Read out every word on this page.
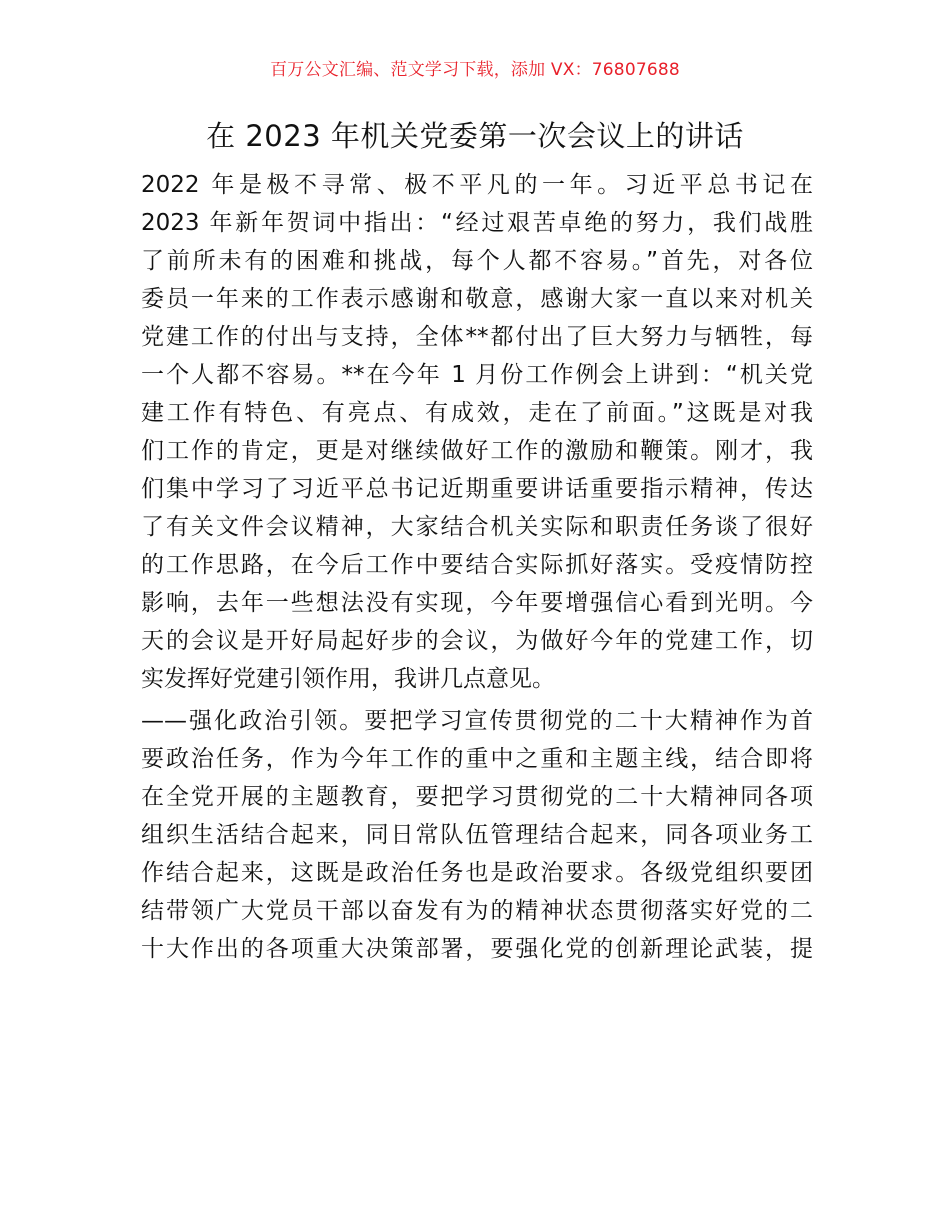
百万公文汇编、范文学习下载，添加 VX：76807688
在 2023 年机关党委第一次会议上的讲话
2022 年是极不寻常、极不平凡的一年。习近平总书记在
2023 年新年贺词中指出：“经过艰苦卓绝的努力，我们战胜
了前所未有的困难和挑战，每个人都不容易。”首先，对各位
委员一年来的工作表示感谢和敬意，感谢大家一直以来对机关
党建工作的付出与支持，全体**都付出了巨大努力与牺牲，每
一个人都不容易。**在今年 1 月份工作例会上讲到：“机关党
建工作有特色、有亮点、有成效，走在了前面。”这既是对我
们工作的肯定，更是对继续做好工作的激励和鞭策。刚才，我
们集中学习了习近平总书记近期重要讲话重要指示精神，传达
了有关文件会议精神，大家结合机关实际和职责任务谈了很好
的工作思路，在今后工作中要结合实际抓好落实。受疫情防控
影响，去年一些想法没有实现，今年要增强信心看到光明。今
天的会议是开好局起好步的会议，为做好今年的党建工作，切
实发挥好党建引领作用，我讲几点意见。
——强化政治引领。要把学习宣传贯彻党的二十大精神作为首
要政治任务，作为今年工作的重中之重和主题主线，结合即将
在全党开展的主题教育，要把学习贯彻党的二十大精神同各项
组织生活结合起来，同日常队伍管理结合起来，同各项业务工
作结合起来，这既是政治任务也是政治要求。各级党组织要团
结带领广大党员干部以奋发有为的精神状态贯彻落实好党的二
十大作出的各项重大决策部署，要强化党的创新理论武装，提
